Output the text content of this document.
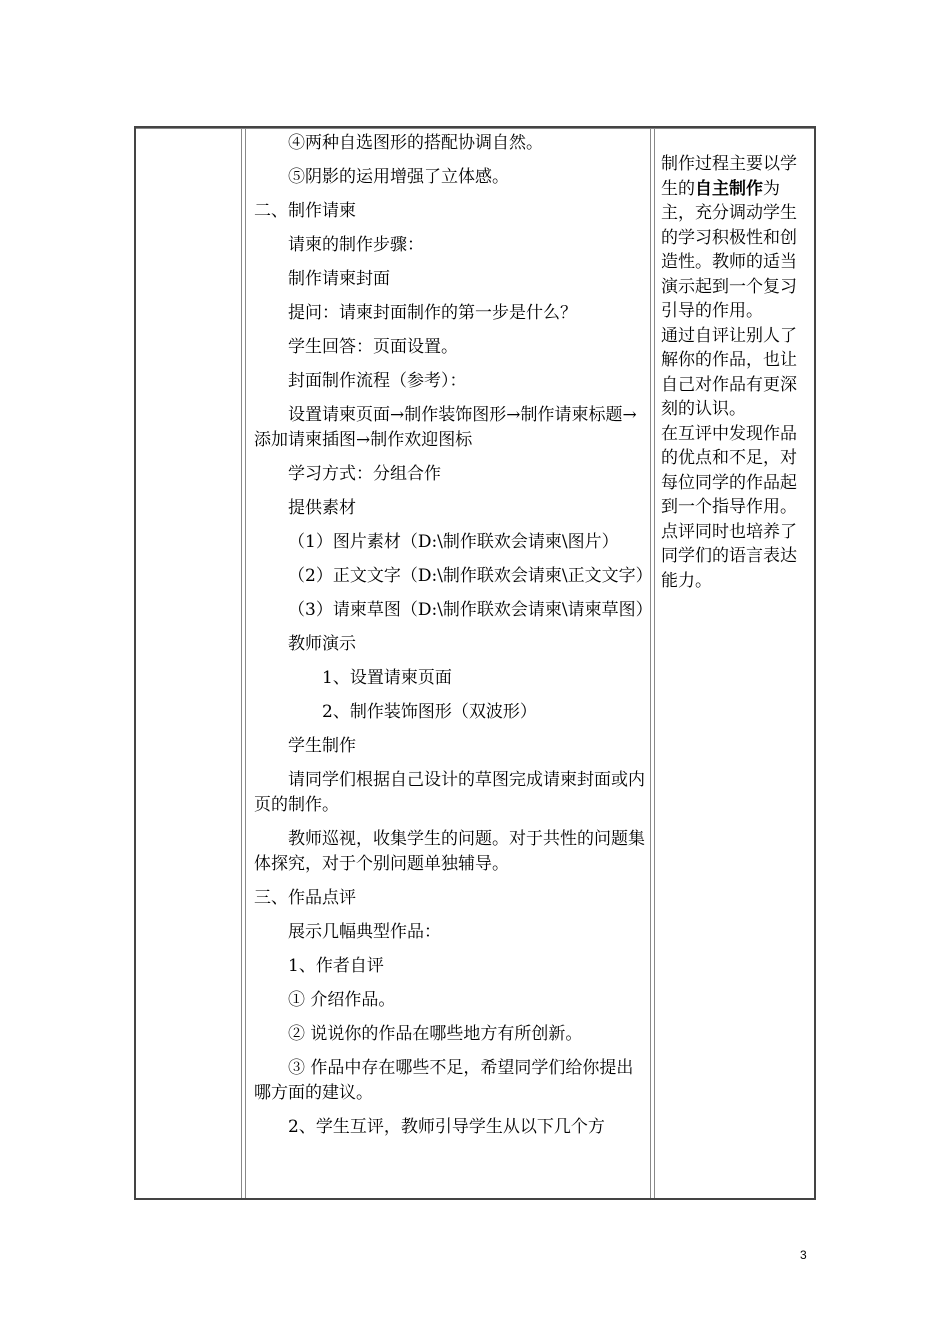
④两种自选图形的搭配协调自然。

⑤阴影的运用增强了立体感。

二、制作请柬

请柬的制作步骤：

制作请柬封面

提问：请柬封面制作的第一步是什么？

学生回答：页面设置。

封面制作流程（参考）：

设置请柬页面→制作装饰图形→制作请柬标题→添加请柬插图→制作欢迎图标

学习方式：分组合作

提供素材

（1）图片素材（D:\制作联欢会请柬\图片）

（2）正文文字（D:\制作联欢会请柬\正文文字）

（3）请柬草图（D:\制作联欢会请柬\请柬草图）

教师演示

1、设置请柬页面

2、制作装饰图形（双波形）

学生制作

请同学们根据自己设计的草图完成请柬封面或内页的制作。

教师巡视，收集学生的问题。对于共性的问题集体探究，对于个别问题单独辅导。

三、作品点评

展示几幅典型作品：

1、作者自评

① 介绍作品。

② 说说你的作品在哪些地方有所创新。

③ 作品中存在哪些不足，希望同学们给你提出哪方面的建议。

2、学生互评，教师引导学生从以下几个方

制作过程主要以学生的自主制作为主，充分调动学生的学习积极性和创造性。教师的适当演示起到一个复习引导的作用。

通过自评让别人了解你的作品，也让自己对作品有更深刻的认识。

在互评中发现作品的优点和不足，对每位同学的作品起到一个指导作用。

点评同时也培养了同学们的语言表达能力。

3
